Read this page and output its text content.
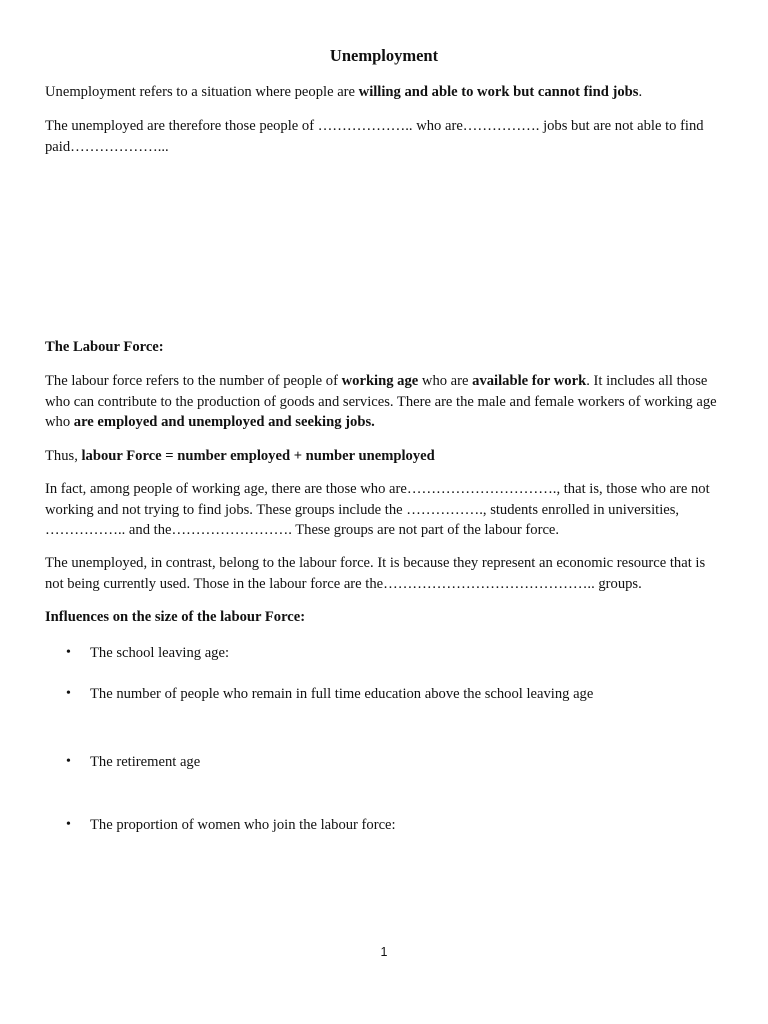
Unemployment

Unemployment refers to a situation where people are willing and able to work but cannot find jobs.

The unemployed are therefore those people of ……………….. who are……………. jobs but are not able to find paid………………...

The Labour Force:

The labour force refers to the number of people of working age who are available for work. It includes all those who can contribute to the production of goods and services. There are the male and female workers of working age who are employed and unemployed and seeking jobs.

Thus, labour Force = number employed + number unemployed

In fact, among people of working age, there are those who are…………………………., that is, those who are not working and not trying to find jobs. These groups include the ……………., students enrolled in universities, …………….. and the……………………. These groups are not part of the labour force.

The unemployed, in contrast, belong to the labour force. It is because they represent an economic resource that is not being currently used. Those in the labour force are the…………………………………….. groups.

Influences on the size of the labour Force:

•	The school leaving age:
•	The number of people who remain in full time education above the school leaving age
•	The retirement age
•	The proportion of women who join the labour force:
1
